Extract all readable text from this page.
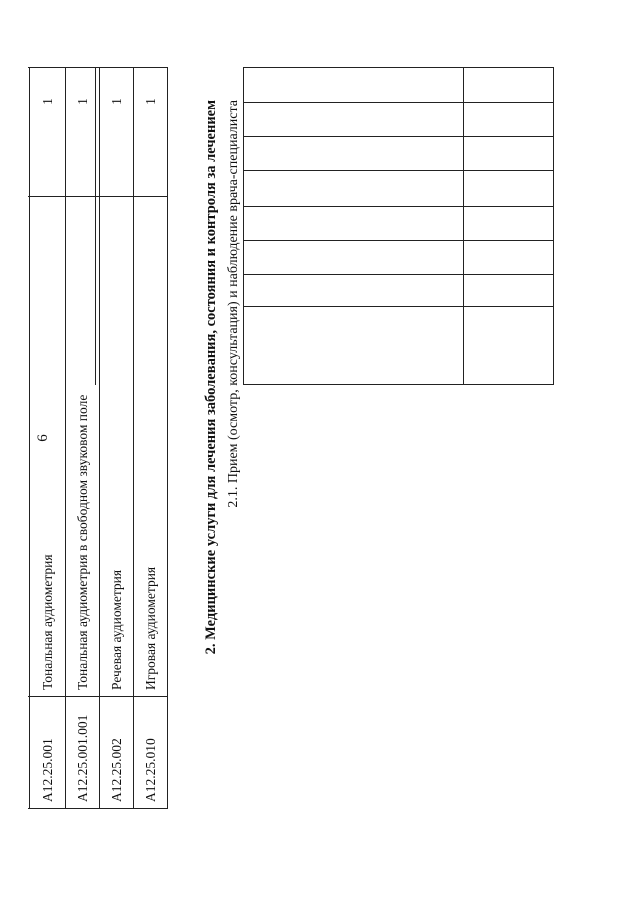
6
A12.25.001
Тональная аудиометрия
1
A12.25.001.001
Тональная аудиометрия в свободном звуковом поле
1
A12.25.002
Речевая аудиометрия
1
A12.25.010
Игровая аудиометрия
1	2. Медицинские услуги для лечения заболевания, состояния и контроля за лечением 2.1. Прием (осмотр, консультация) и наблюдение врача-специалиста
